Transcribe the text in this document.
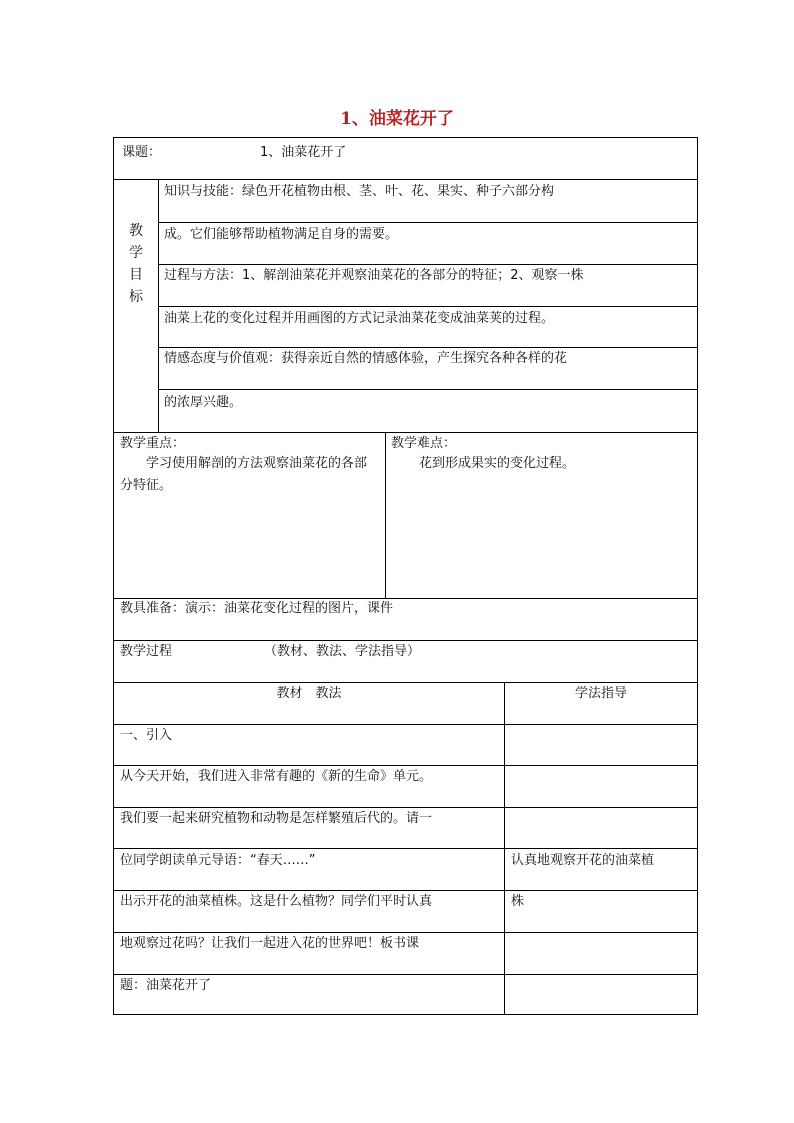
1、油菜花开了
课题：	1、油菜花开了
教
学
目
标
知识与技能：绿色开花植物由根、茎、叶、花、果实、种子六部分构
成。它们能够帮助植物满足自身的需要。
过程与方法：1、解剖油菜花并观察油菜花的各部分的特征；2、观察一株
油菜上花的变化过程并用画图的方式记录油菜花变成油菜荚的过程。
情感态度与价值观：获得亲近自然的情感体验，产生探究各种各样的花
的浓厚兴趣。
教学重点：
学习使用解剖的方法观察油菜花的各部分特征。
教学难点：
花到形成果实的变化过程。
教具准备：演示：油菜花变化过程的图片，课件
教学过程	（教材、教法、学法指导）
教材　教法	学法指导
一、引入
从今天开始，我们进入非常有趣的《新的生命》单元。
我们要一起来研究植物和动物是怎样繁殖后代的。请一
位同学朗读单元导语：“春天……”	认真地观察开花的油菜植
出示开花的油菜植株。这是什么植物？同学们平时认真	株
地观察过花吗？让我们一起进入花的世界吧！板书课
题：油菜花开了
